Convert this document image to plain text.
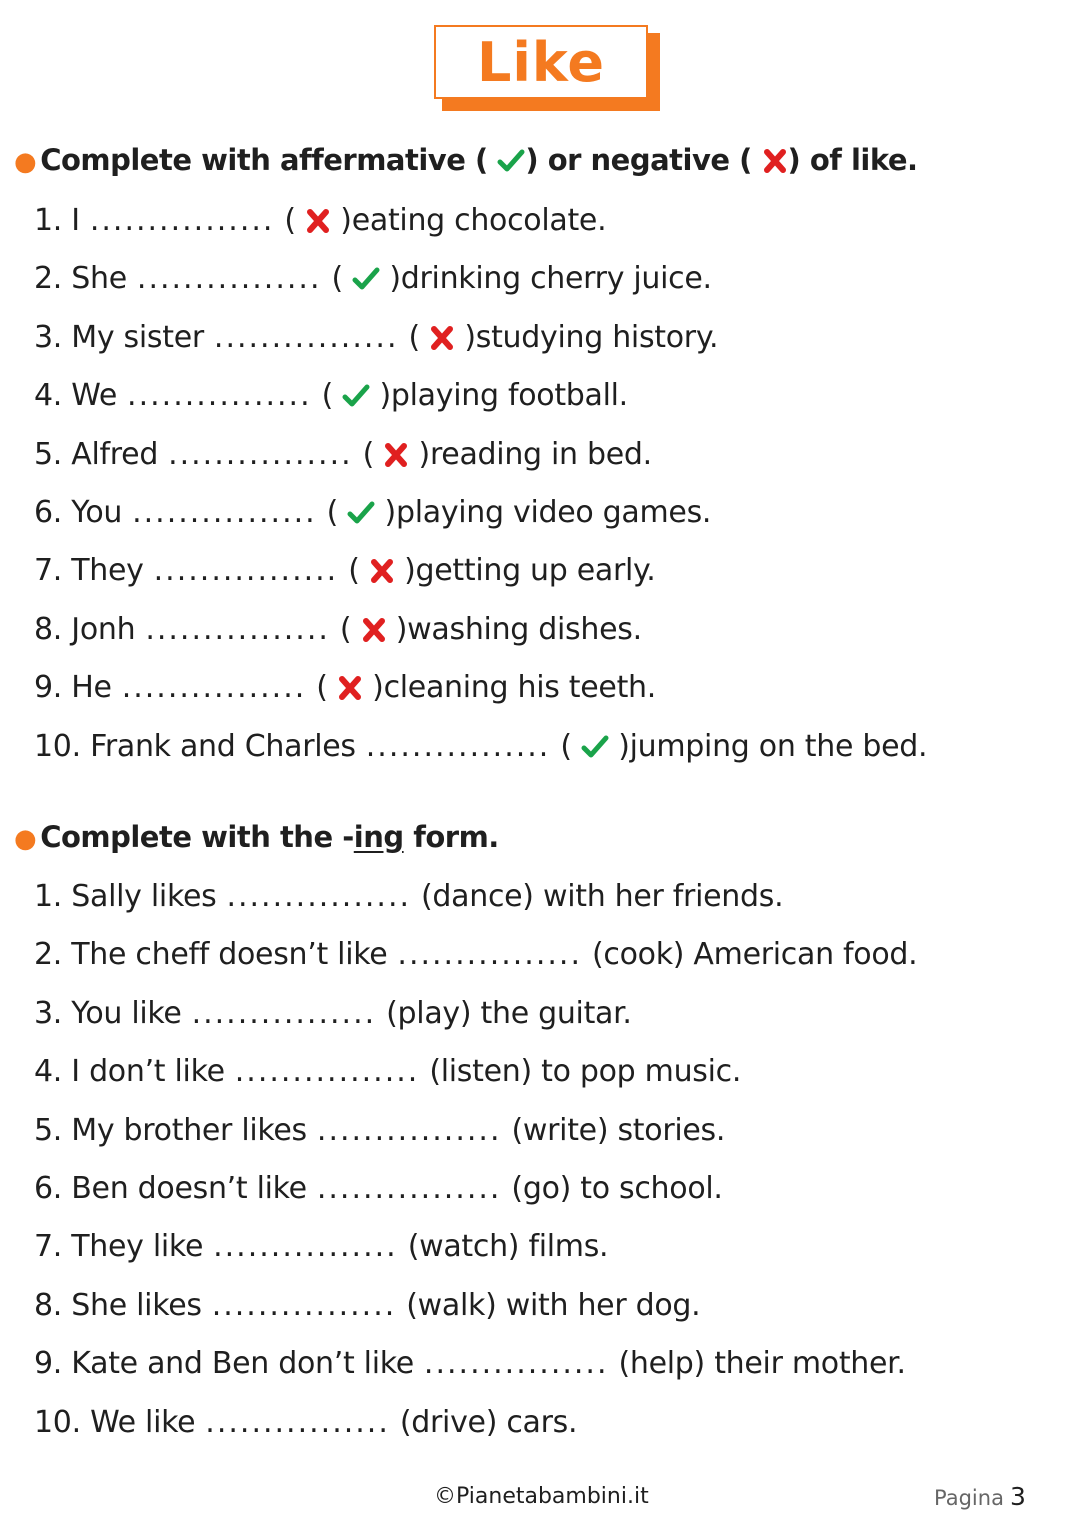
Like
● Complete with affermative ( ) or negative ( ) of like.
1. I ................ (  )eating chocolate.
2. She ................ (  )drinking cherry juice.
3. My sister ................ (  )studying history.
4. We ................ (  )playing football.
5. Alfred ................ (  )reading in bed.
6. You ................ (  )playing video games.
7. They ................ (  )getting up early.
8. Jonh ................ (  )washing dishes.
9. He ................ (  )cleaning his teeth.
10. Frank and Charles ................ (  )jumping on the bed.
● Complete with the -ing form.
1. Sally likes ................ (dance) with her friends.
2. The cheff doesn’t like ................ (cook) American food.
3. You like ................ (play) the guitar.
4. I don’t like ................ (listen) to pop music.
5. My brother likes ................ (write) stories.
6. Ben doesn’t like ................ (go) to school.
7. They like ................ (watch) films.
8. She likes ................ (walk) with her dog.
9. Kate and Ben don’t like ................ (help) their mother.
10. We like ................ (drive) cars.
©Pianetabambini.it	Pagina 3
